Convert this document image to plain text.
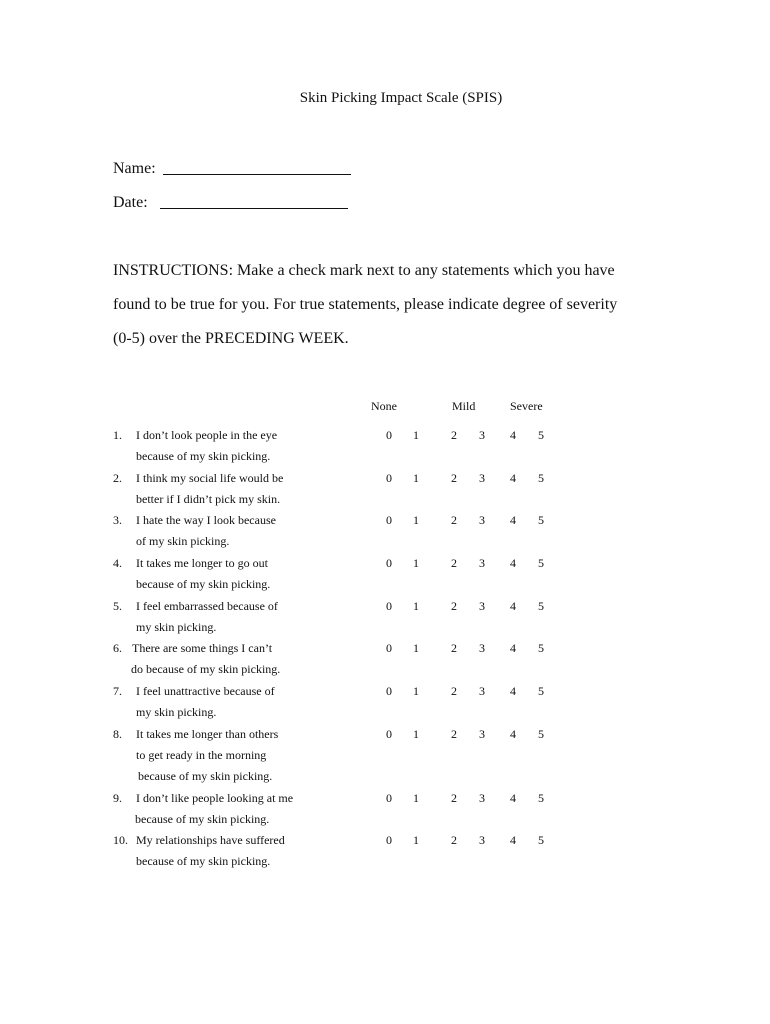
Skin Picking Impact Scale (SPIS)
Name:
Date:
INSTRUCTIONS: Make a check mark next to any statements which you have
found to be true for you. For true statements, please indicate degree of severity
(0-5) over the PRECEDING WEEK.
None	Mild	Severe
1. I don’t look people in the eye
because of my skin picking.
0	1	2	3	4	5
2. I think my social life would be
better if I didn’t pick my skin.
0	1	2	3	4	5
3. I hate the way I look because
of my skin picking.
0	1	2	3	4	5
4. It takes me longer to go out
because of my skin picking.
0	1	2	3	4	5
5. I feel embarrassed because of
my skin picking.
0	1	2	3	4	5
6. There are some things I can’t
do because of my skin picking.
0	1	2	3	4	5
7. I feel unattractive because of
my skin picking.
0	1	2	3	4	5
8. It takes me longer than others
to get ready in the morning
because of my skin picking.
0	1	2	3	4	5
9. I don’t like people looking at me
because of my skin picking.
0	1	2	3	4	5
10. My relationships have suffered
because of my skin picking.
0	1	2	3	4	5
